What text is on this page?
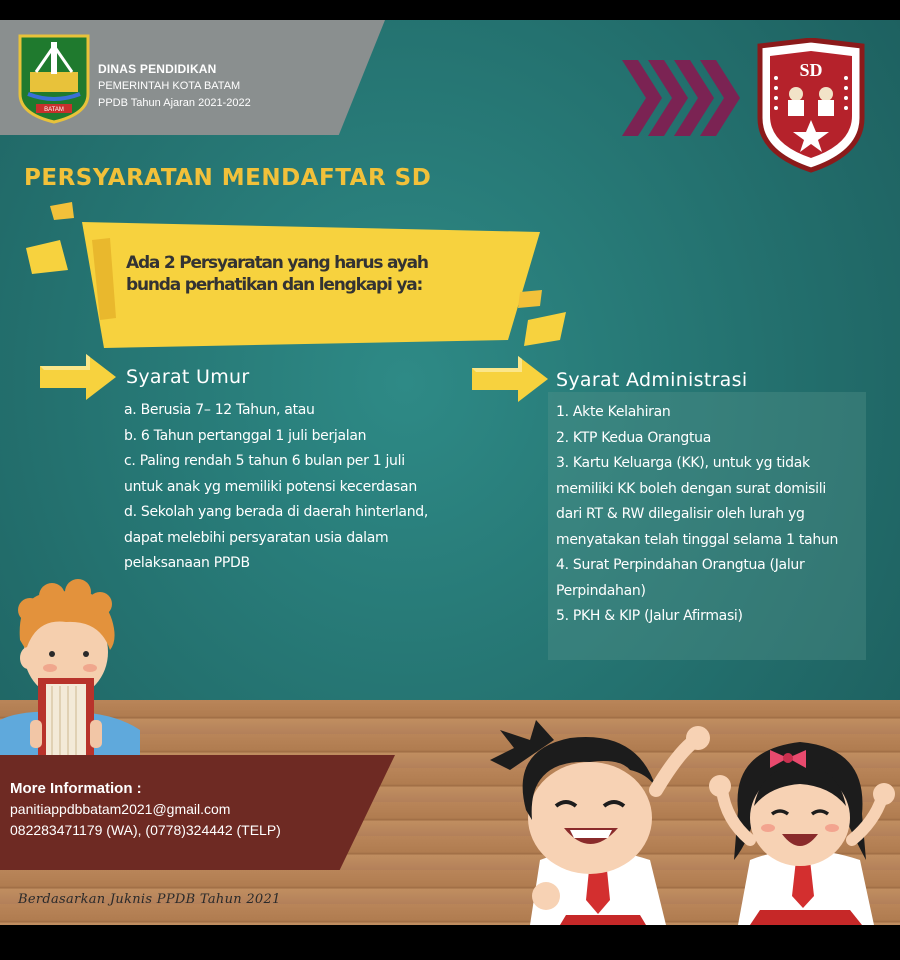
BATAM
DINAS PENDIDIKAN
PEMERINTAH KOTA BATAM
PPDB Tahun Ajaran 2021-2022
SD
PERSYARATAN MENDAFTAR SD
Ada 2 Persyaratan yang harus ayah
bunda perhatikan dan lengkapi ya:
Syarat Umur
a. Berusia 7– 12 Tahun, atau
b. 6 Tahun pertanggal 1 juli berjalan
c. Paling rendah 5 tahun 6 bulan per 1 juli
untuk anak yg memiliki potensi kecerdasan
d. Sekolah yang berada di daerah hinterland,
dapat melebihi persyaratan usia dalam
pelaksanaan PPDB
Syarat Administrasi
1. Akte Kelahiran
2. KTP Kedua Orangtua
3. Kartu Keluarga (KK), untuk yg tidak
memiliki KK boleh dengan surat domisili
dari RT & RW dilegalisir oleh lurah yg
menyatakan telah tinggal selama 1 tahun
4. Surat Perpindahan Orangtua (Jalur
Perpindahan)
5. PKH & KIP (Jalur Afirmasi)
More Information :
panitiappdbbatam2021@gmail.com
082283471179 (WA), (0778)324442 (TELP)
Berdasarkan Juknis PPDB Tahun 2021
